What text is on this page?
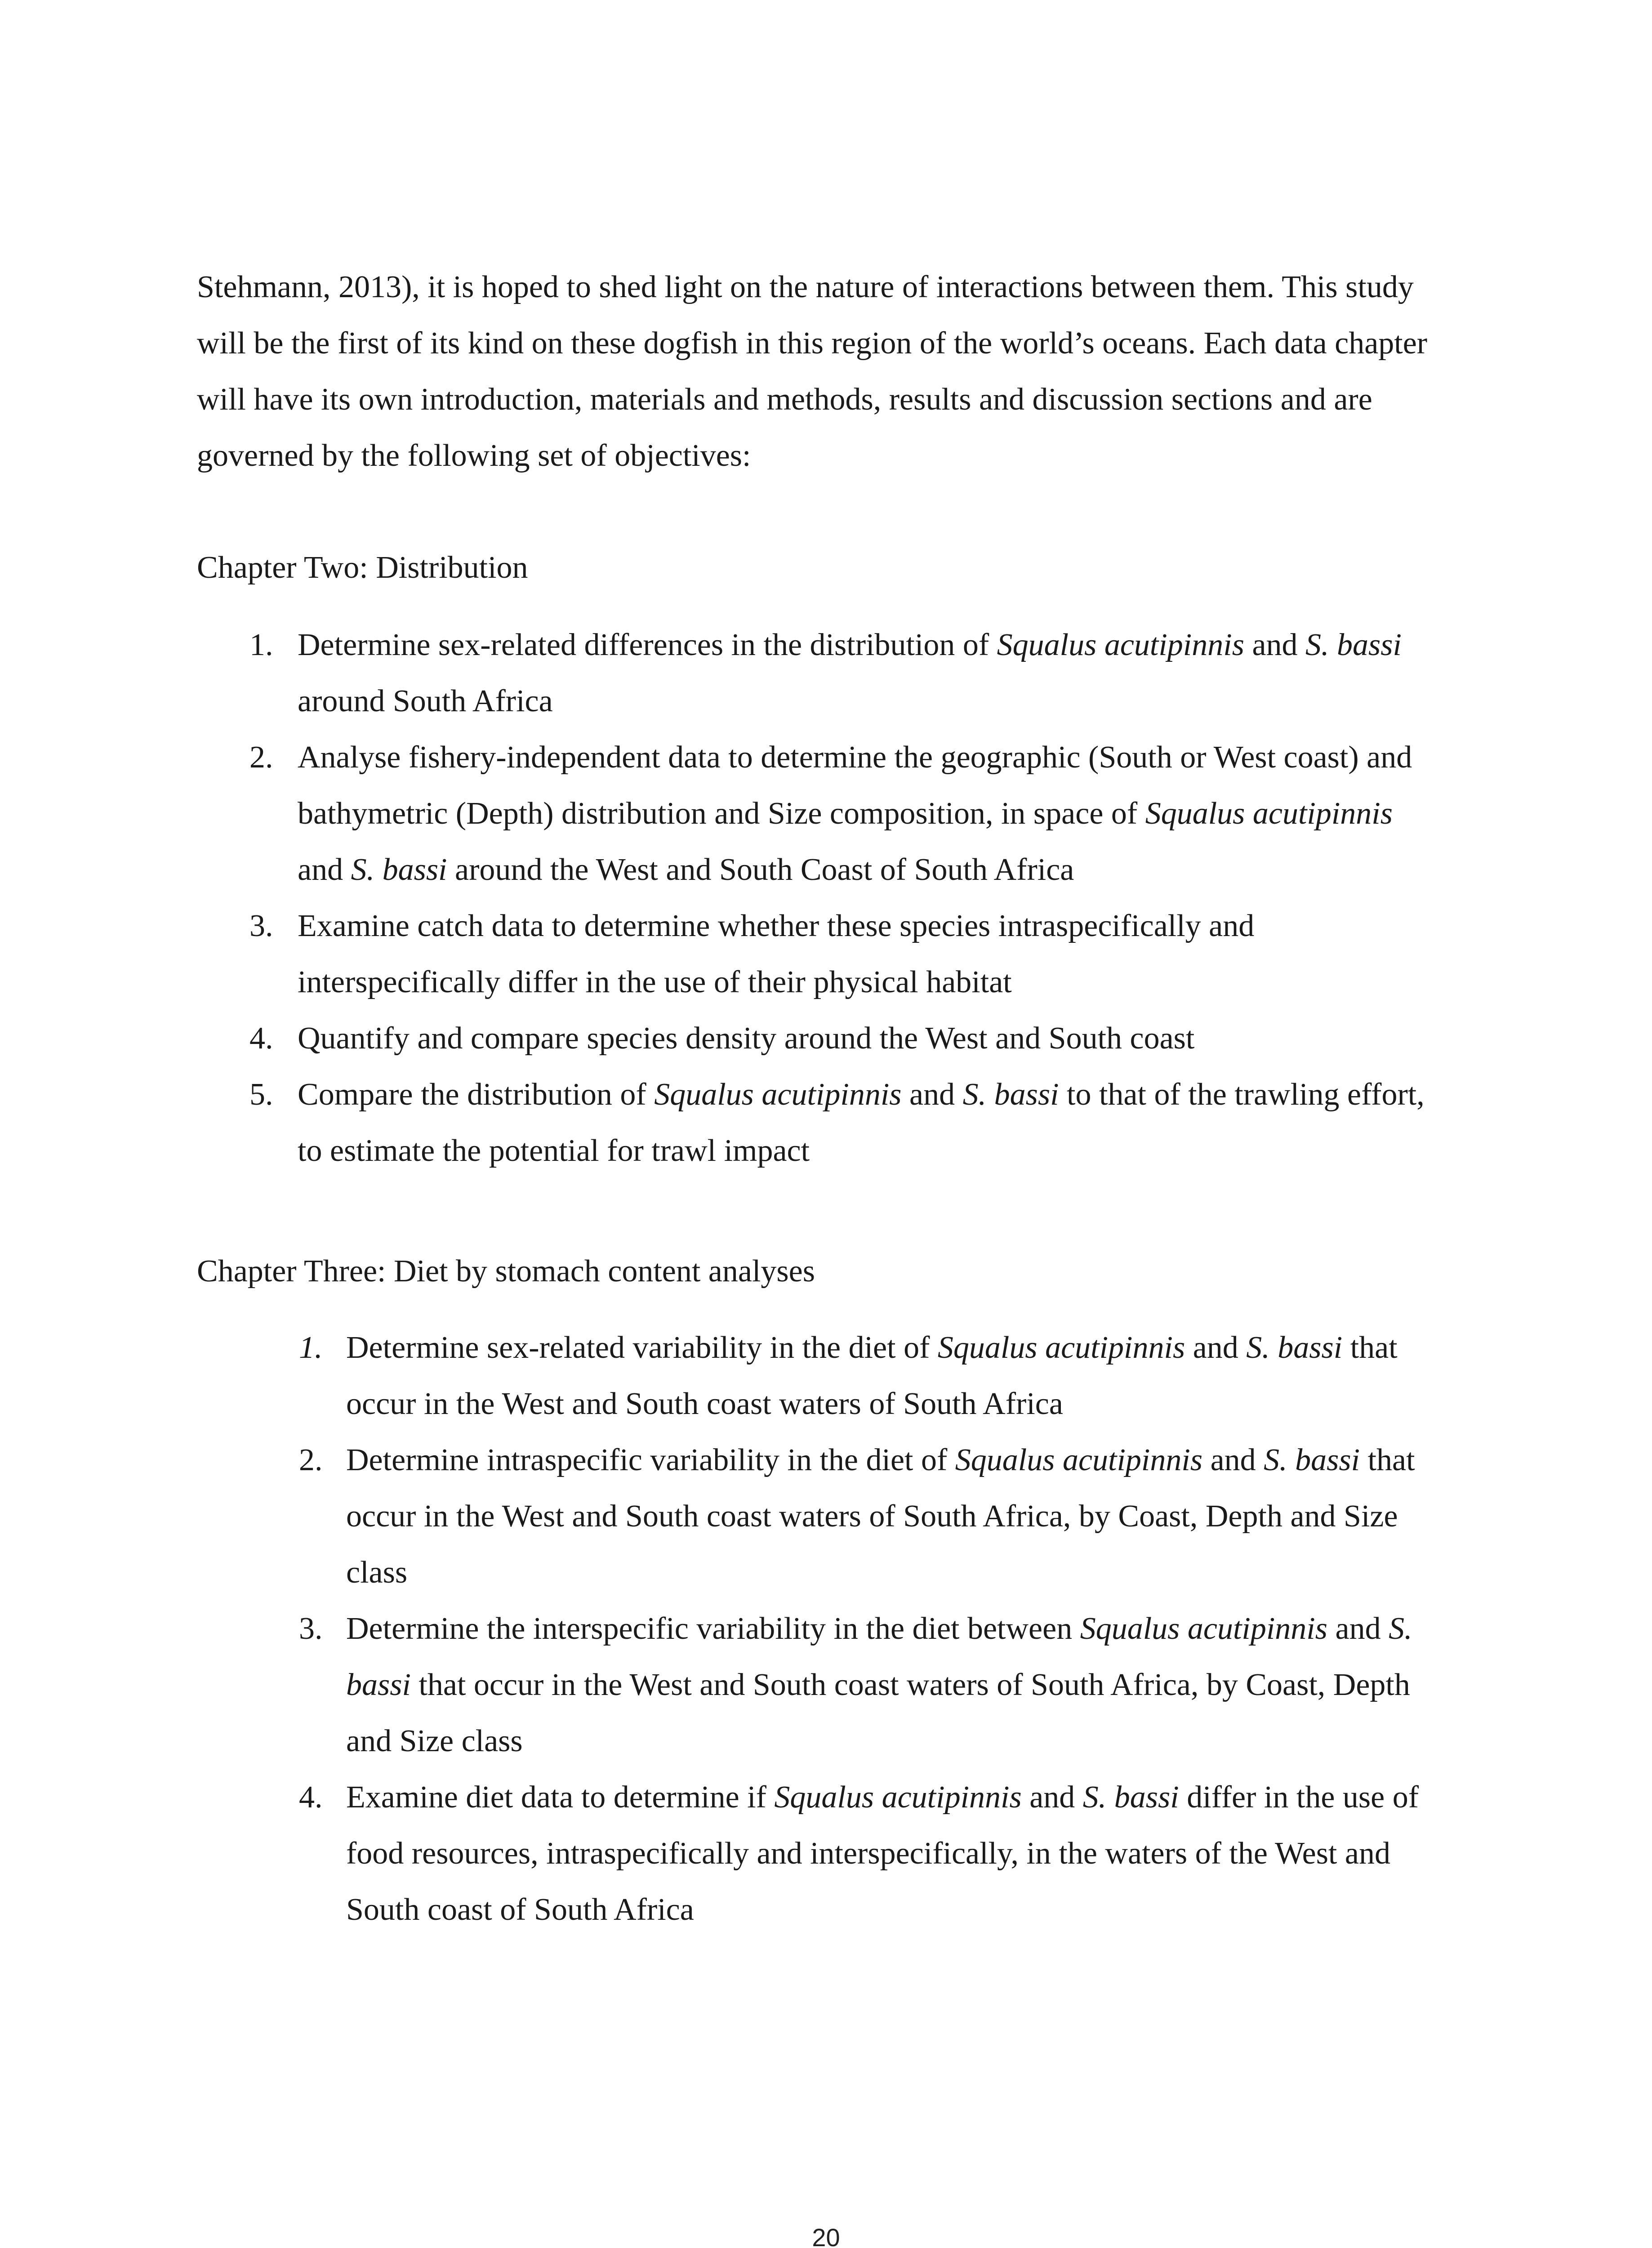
Stehmann, 2013), it is hoped to shed light on the nature of interactions between them. This study will be the first of its kind on these dogfish in this region of the world’s oceans. Each data chapter will have its own introduction, materials and methods, results and discussion sections and are governed by the following set of objectives:

Chapter Two: Distribution
1. Determine sex-related differences in the distribution of Squalus acutipinnis and S. bassi around South Africa
2. Analyse fishery-independent data to determine the geographic (South or West coast) and bathymetric (Depth) distribution and Size composition, in space of Squalus acutipinnis and S. bassi around the West and South Coast of South Africa
3. Examine catch data to determine whether these species intraspecifically and interspecifically differ in the use of their physical habitat
4. Quantify and compare species density around the West and South coast
5. Compare the distribution of Squalus acutipinnis and S. bassi to that of the trawling effort, to estimate the potential for trawl impact
Chapter Three: Diet by stomach content analyses
1. Determine sex-related variability in the diet of Squalus acutipinnis and S. bassi that occur in the West and South coast waters of South Africa
2. Determine intraspecific variability in the diet of Squalus acutipinnis and S. bassi that occur in the West and South coast waters of South Africa, by Coast, Depth and Size class
3. Determine the interspecific variability in the diet between Squalus acutipinnis and S. bassi that occur in the West and South coast waters of South Africa, by Coast, Depth and Size class
4. Examine diet data to determine if Squalus acutipinnis and S. bassi differ in the use of food resources, intraspecifically and interspecifically, in the waters of the West and South coast of South Africa
20
